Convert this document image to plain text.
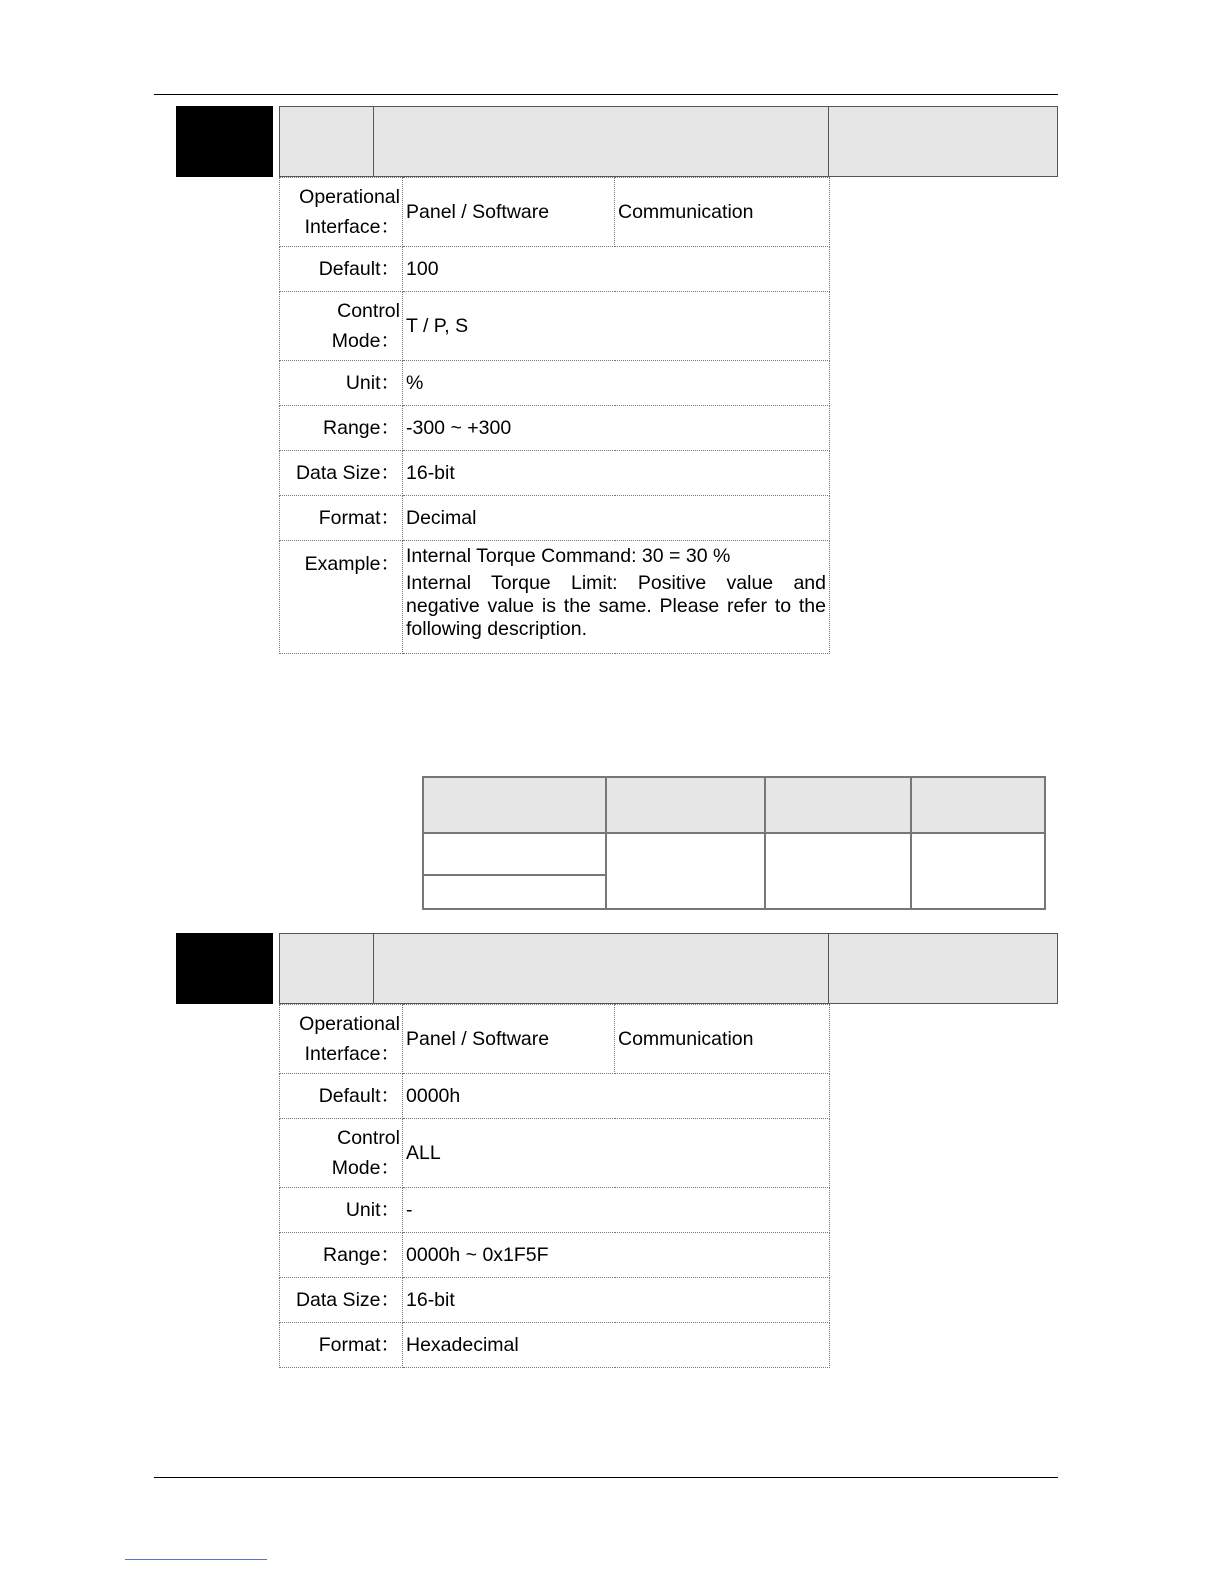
Operational
Interface：	Panel / Software	Communication
Default：	100	
Control
Mode：	T / P, S	
Unit：	%	
Range：	-300 ~ +300	
Data Size：	16-bit	
Format：	Decimal	
Example：	Internal Torque Command: 30 = 30 %
Internal Torque Limit: Positive value and negative value is the same. Please refer to the following description.	
Operational
Interface：	Panel / Software	Communication
Default：	0000h	
Control
Mode：	ALL	
Unit：	-	
Range：	0000h ~ 0x1F5F	
Data Size：	16-bit	
Format：	Hexadecimal	
